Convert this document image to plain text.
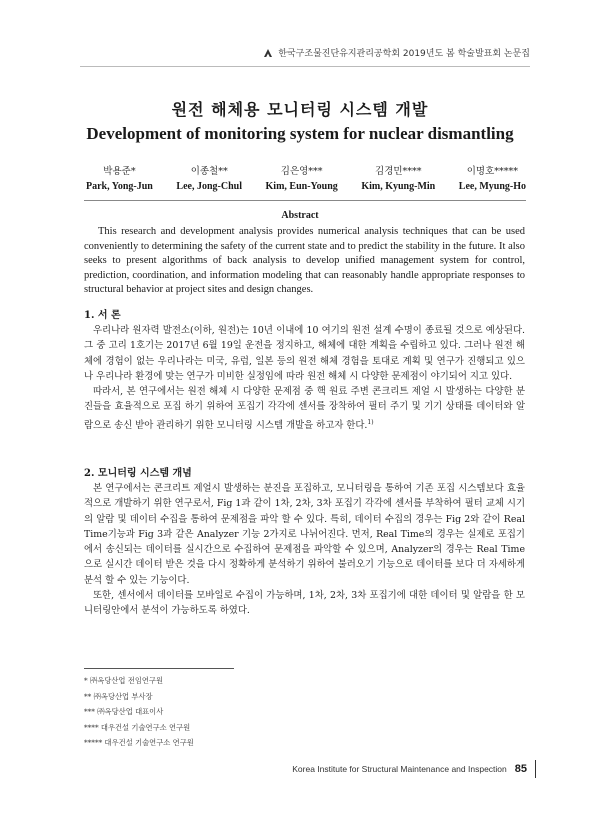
한국구조물진단유지관리공학회 2019년도 봄 학술발표회 논문집
원전 해체용 모니터링 시스템 개발
Development of monitoring system for nuclear dismantling
박용준*
Park, Yong-Jun
이종철**
Lee, Jong-Chul
김은영***
Kim, Eun-Young
김경민****
Kim, Kyung-Min
이명호*****
Lee, Myung-Ho
Abstract
This research and development analysis provides numerical analysis techniques that can be used conveniently to determining the safety of the current state and to predict the stability in the future. It also seeks to present algorithms of back analysis to develop unified management system for control, prediction, coordination, and information modeling that can reasonably handle appropriate responses to structural behavior at project sites and design changes.
1. 서 론

우리나라 원자력 발전소(이하, 원전)는 10년 이내에 10 여기의 원전 설계 수명이 종료될 것으로 예상된다. 그 중 고리 1호기는 2017년 6월 19일 운전을 정지하고, 해체에 대한 계획을 수립하고 있다. 그러나 원전 해체에 경험이 없는 우리나라는 미국, 유럽, 일본 등의 원전 해체 경험을 토대로 계획 및 연구가 진행되고 있으나 우리나라 환경에 맞는 연구가 미비한 실정임에 따라 원전 해체 시 다양한 문제점이 야기되어 지고 있다.

따라서, 본 연구에서는 원전 해체 시 다양한 문제점 중 핵 원료 주변 콘크리트 제얼 시 발생하는 다양한 분진들을 효율적으로 포집 하기 위하여 포집기 각각에 센서를 장착하여 필터 주기 및 기기 상태를 데이터와 알람으로 송신 받아 관리하기 위한 모니터링 시스템 개발을 하고자 한다.$^{1)}$

2. 모니터링 시스템 개념

본 연구에서는 콘크리트 제얼시 발생하는 분진을 포집하고, 모니터링을 통하여 기존 포집 시스템보다 효율적으로 개발하기 위한 연구로서, Fig 1과 같이 1차, 2차, 3차 포집기 각각에 센서를 부착하여 필터 교체 시기의 알람 및 데이터 수집을 통하여 문제점을 파악 할 수 있다. 특히, 데이터 수집의 경우는 Fig 2와 같이 Real Time기능과 Fig 3과 같은 Analyzer 기능 2가지로 나뉘어진다. 먼저, Real Time의 경우는 실제로 포집기에서 송신되는 데이터를 실시간으로 수집하여 문제점을 파악할 수 있으며, Analyzer의 경우는 Real Time으로 실시간 데이터 받은 것을 다시 정확하게 분석하기 위하여 불러오기 기능으로 데이터를 보다 더 자세하게 분석 할 수 있는 기능이다.

또한, 센서에서 데이터를 모바일로 수집이 가능하며, 1차, 2차, 3차 포집기에 대한 데이터 및 알람을 한 모니터링안에서 분석이 가능하도록 하였다.

* ㈜옥당산업 전임연구원
** ㈜옥당산업 부사장
*** ㈜옥당산업 대표이사
**** 대우건설 기술연구소 연구원
***** 대우건설 기술연구소 연구원
Korea Institute for Structural Maintenance and Inspection 85
